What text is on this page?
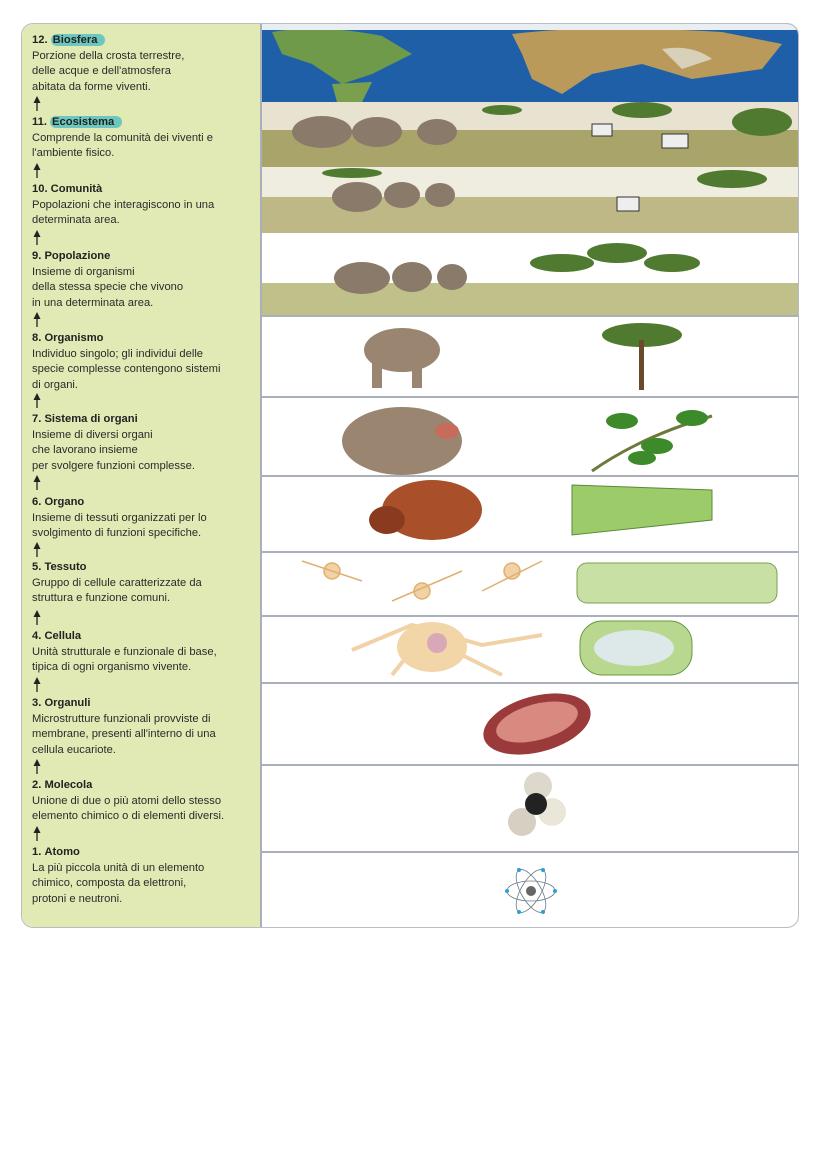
12. Biosfera
Porzione della crosta terrestre,
delle acque e dell'atmosfera
abitata da forme viventi.
11. Ecosistema
Comprende la comunità dei viventi e
l'ambiente fisico.
10. Comunità
Popolazioni che interagiscono in una
determinata area.
9. Popolazione
Insieme di organismi
della stessa specie che vivono
in una determinata area.
8. Organismo
Individuo singolo; gli individui delle
specie complesse contengono sistemi
di organi.
7. Sistema di organi
Insieme di diversi organi
che lavorano insieme
per svolgere funzioni complesse.
6. Organo
Insieme di tessuti organizzati per lo
svolgimento di funzioni specifiche.
5. Tessuto
Gruppo di cellule caratterizzate da
struttura e funzione comuni.
4. Cellula
Unità strutturale e funzionale di base,
tipica di ogni organismo vivente.
3. Organuli
Microstrutture funzionali provviste di
membrane, presenti all'interno di una
cellula eucariote.
2. Molecola
Unione di due o più atomi dello stesso
elemento chimico o di elementi diversi.
1. Atomo
La più piccola unità di un elemento
chimico, composta da elettroni,
protoni e neutroni.
